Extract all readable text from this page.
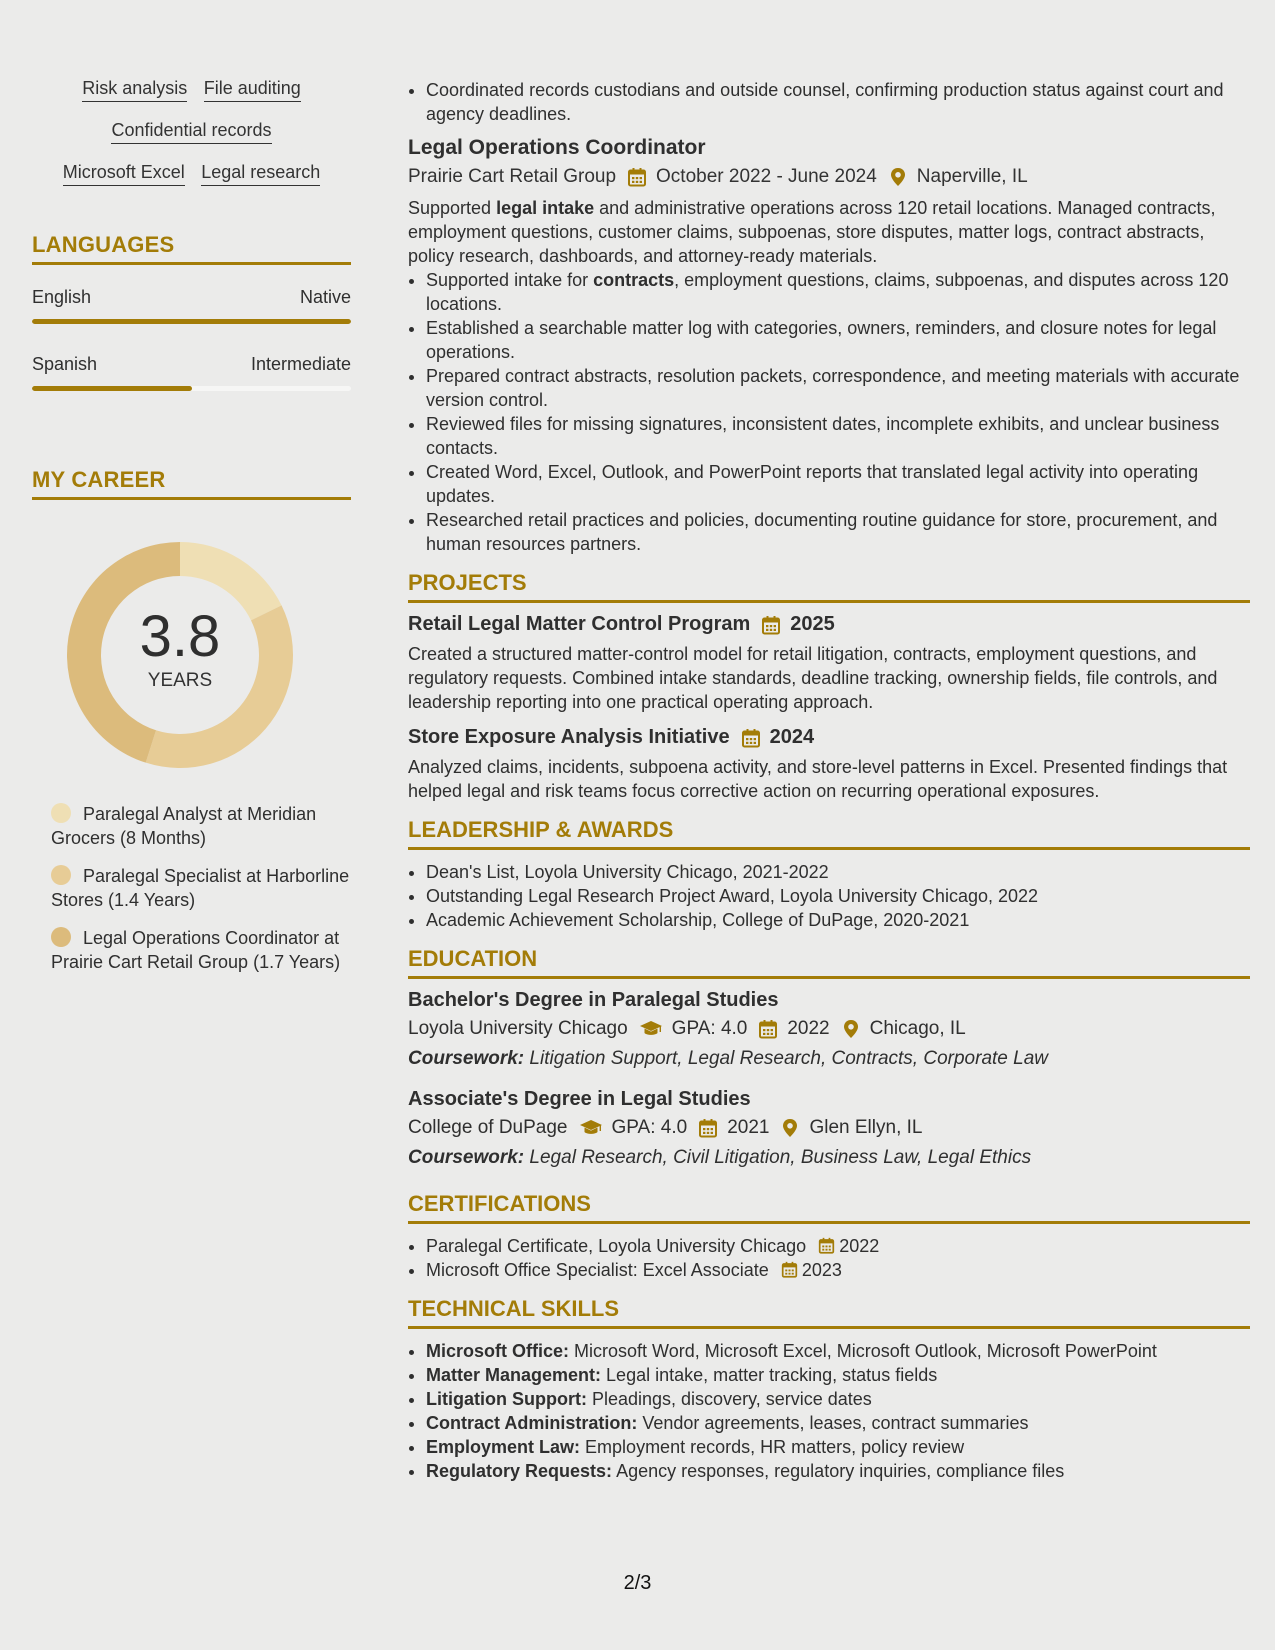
Risk analysis File auditing
Confidential records
Microsoft Excel Legal research
LANGUAGES
English	Native
Spanish	Intermediate
MY CAREER
3.8
YEARS
Paralegal Analyst at Meridian Grocers (8 Months)
Paralegal Specialist at Harborline Stores (1.4 Years)
Legal Operations Coordinator at Prairie Cart Retail Group (1.7 Years)
• Coordinated records custodians and outside counsel, confirming production status against court and agency deadlines.
Legal Operations Coordinator
Prairie Cart Retail Group October 2022 - June 2024 Naperville, IL
Supported legal intake and administrative operations across 120 retail locations. Managed contracts, employment questions, customer claims, subpoenas, store disputes, matter logs, contract abstracts, policy research, dashboards, and attorney-ready materials.
• Supported intake for contracts, employment questions, claims, subpoenas, and disputes across 120 locations.
• Established a searchable matter log with categories, owners, reminders, and closure notes for legal operations.
• Prepared contract abstracts, resolution packets, correspondence, and meeting materials with accurate version control.
• Reviewed files for missing signatures, inconsistent dates, incomplete exhibits, and unclear business contacts.
• Created Word, Excel, Outlook, and PowerPoint reports that translated legal activity into operating updates.
• Researched retail practices and policies, documenting routine guidance for store, procurement, and human resources partners.
PROJECTS
Retail Legal Matter Control Program 2025
Created a structured matter-control model for retail litigation, contracts, employment questions, and regulatory requests. Combined intake standards, deadline tracking, ownership fields, file controls, and leadership reporting into one practical operating approach.
Store Exposure Analysis Initiative 2024
Analyzed claims, incidents, subpoena activity, and store-level patterns in Excel. Presented findings that helped legal and risk teams focus corrective action on recurring operational exposures.
LEADERSHIP & AWARDS
• Dean's List, Loyola University Chicago, 2021-2022
• Outstanding Legal Research Project Award, Loyola University Chicago, 2022
• Academic Achievement Scholarship, College of DuPage, 2020-2021
EDUCATION
Bachelor's Degree in Paralegal Studies
Loyola University Chicago GPA: 4.0 2022 Chicago, IL
Coursework: Litigation Support, Legal Research, Contracts, Corporate Law
Associate's Degree in Legal Studies
College of DuPage GPA: 4.0 2021 Glen Ellyn, IL
Coursework: Legal Research, Civil Litigation, Business Law, Legal Ethics
CERTIFICATIONS
• Paralegal Certificate, Loyola University Chicago 2022
• Microsoft Office Specialist: Excel Associate 2023
TECHNICAL SKILLS
• Microsoft Office: Microsoft Word, Microsoft Excel, Microsoft Outlook, Microsoft PowerPoint
• Matter Management: Legal intake, matter tracking, status fields
• Litigation Support: Pleadings, discovery, service dates
• Contract Administration: Vendor agreements, leases, contract summaries
• Employment Law: Employment records, HR matters, policy review
• Regulatory Requests: Agency responses, regulatory inquiries, compliance files
2/3
